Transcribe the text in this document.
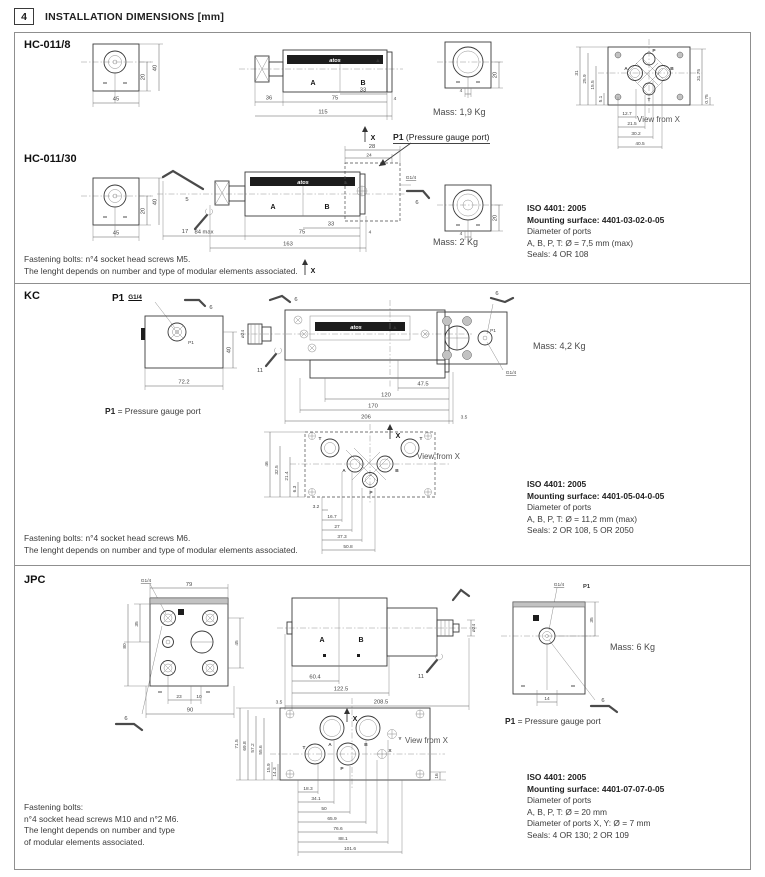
4	INSTALLATION DIMENSIONS [mm]
HC-011/8
45
20
40
atos	▲
A	B
36	75
33
4
115
X
20
4
Mass: 1,9 Kg
A	B
P
T
31
25.9
15.5
5.1
12.7
21.5
30.2
40.5
31.75
0.75
View from X
HC-011/30
P1 (Pressure gauge port)
45
20
40	5
17
atos	▲
A	B
G1/4
6
28
24
84 max	75
33
4
163
X
20
4
Mass: 2 Kg
ISO 4401: 2005
Mounting surface: 4401-03-02-0-05
Diameter of ports
A, B, P, T: Ø = 7,5 mm (max)
Seals: 4 OR 108
Fastening bolts: n°4 socket head screws M5.
The lenght depends on number and type of modular elements associated.
KC	P1 $^{G1/4}$
6
P1
72.2
40
6
ø24
11
atos	▲
47.5
120
170
206	3.5
X
6
P1
G1/4
Mass: 4,2 Kg
P1 = Pressure gauge port
T	T
A	B
P
46
32.5
21.4
6.3
3.2
16.7
27
37.3
50.8
View from X
ISO 4401: 2005
Mounting surface: 4401-05-04-0-05
Diameter of ports
A, B, P, T: Ø = 11,2 mm (max)
Seals: 2 OR 108, 5 OR 2050
Fastening bolts: n°4 socket head screws M6.
The lenght depends on number and type of modular elements associated.
JPC	G1/4
79
35
80
45
23	10
90
6
A	B
11
ø24
60.4
122.5
208.5
3.5
X
G1/4	P1
35
14	6
Mass: 6 Kg
P1 = Pressure gauge port
A	B
T
P
X
Y
71.5 69.8 57.2 55.6
15.9 14.3	16
18.3
34.1
50
65.9
76.6
88.1
101.6
View from X
ISO 4401: 2005
Mounting surface: 4401-07-07-0-05
Diameter of ports
A, B, P, T: Ø = 20 mm
Diameter of ports X, Y: Ø = 7 mm
Seals: 4 OR 130; 2 OR 109
Fastening bolts:
n°4 socket head screws M10 and n°2 M6.
The lenght depends on number and type
of modular elements associated.
